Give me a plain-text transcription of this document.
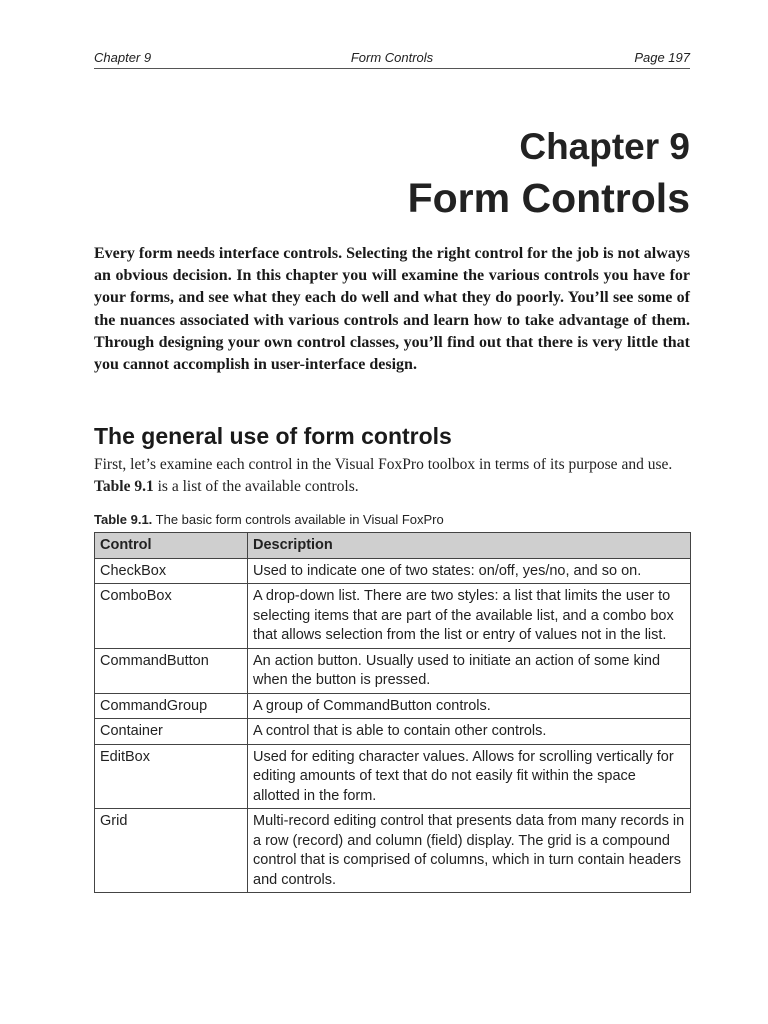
Chapter 9	Form Controls	Page 197
Chapter 9
Form Controls

Every form needs interface controls. Selecting the right control for the job is not always an obvious decision. In this chapter you will examine the various controls you have for your forms, and see what they each do well and what they do poorly. You’ll see some of the nuances associated with various controls and learn how to take advantage of them. Through designing your own control classes, you’ll find out that there is very little that you cannot accomplish in user-interface design.

The general use of form controls

First, let’s examine each control in the Visual FoxPro toolbox in terms of its purpose and use. Table 9.1 is a list of the available controls.

Table 9.1. The basic form controls available in Visual FoxPro
Control	Description
CheckBox	Used to indicate one of two states: on/off, yes/no, and so on.
ComboBox	A drop-down list. There are two styles: a list that limits the user to selecting items that are part of the available list, and a combo box that allows selection from the list or entry of values not in the list.
CommandButton	An action button. Usually used to initiate an action of some kind when the button is pressed.
CommandGroup	A group of CommandButton controls.
Container	A control that is able to contain other controls.
EditBox	Used for editing character values. Allows for scrolling vertically for editing amounts of text that do not easily fit within the space allotted in the form.
Grid	Multi-record editing control that presents data from many records in a row (record) and column (field) display. The grid is a compound control that is comprised of columns, which in turn contain headers and controls.
